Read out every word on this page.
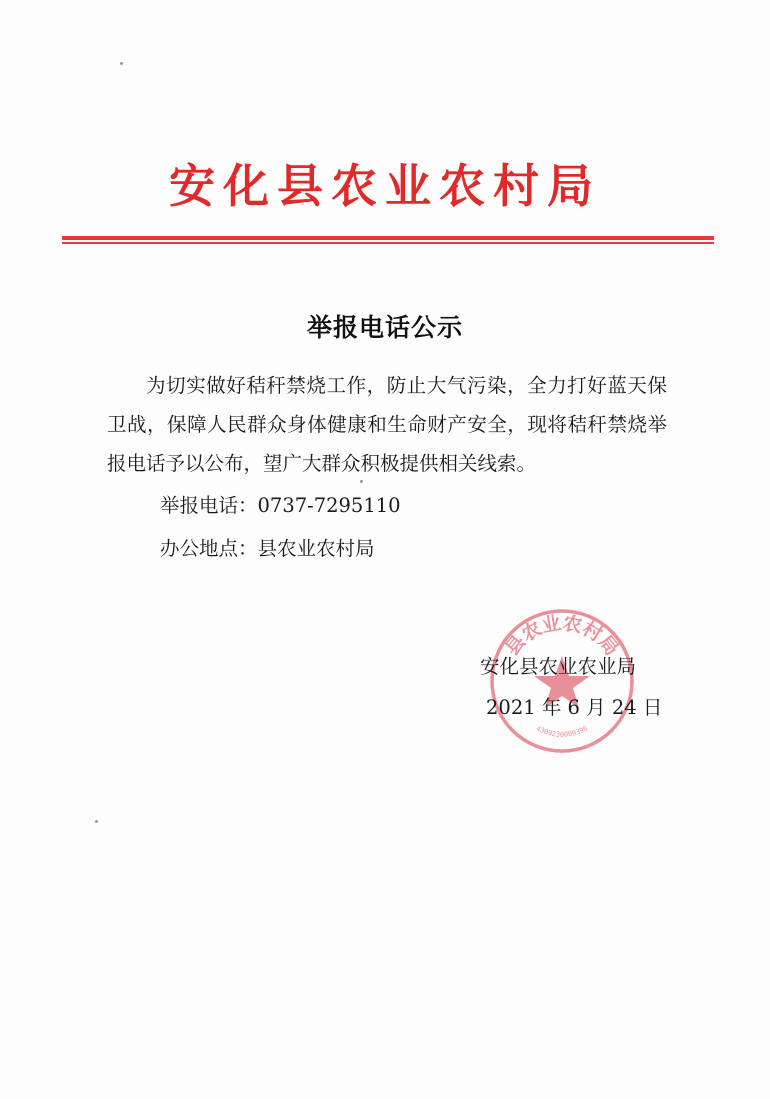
安化县农业农村局
举报电话公示
为切实做好秸秆禁烧工作，防止大气污染，全力打好蓝天保卫战，保障人民群众身体健康和生命财产安全，现将秸秆禁烧举报电话予以公布，望广大群众积极提供相关线索。
举报电话：0737-7295110
办公地点：县农业农村局
县农业农村局
4309230009396
安化县农业农业局
2021 年 6 月 24 日
